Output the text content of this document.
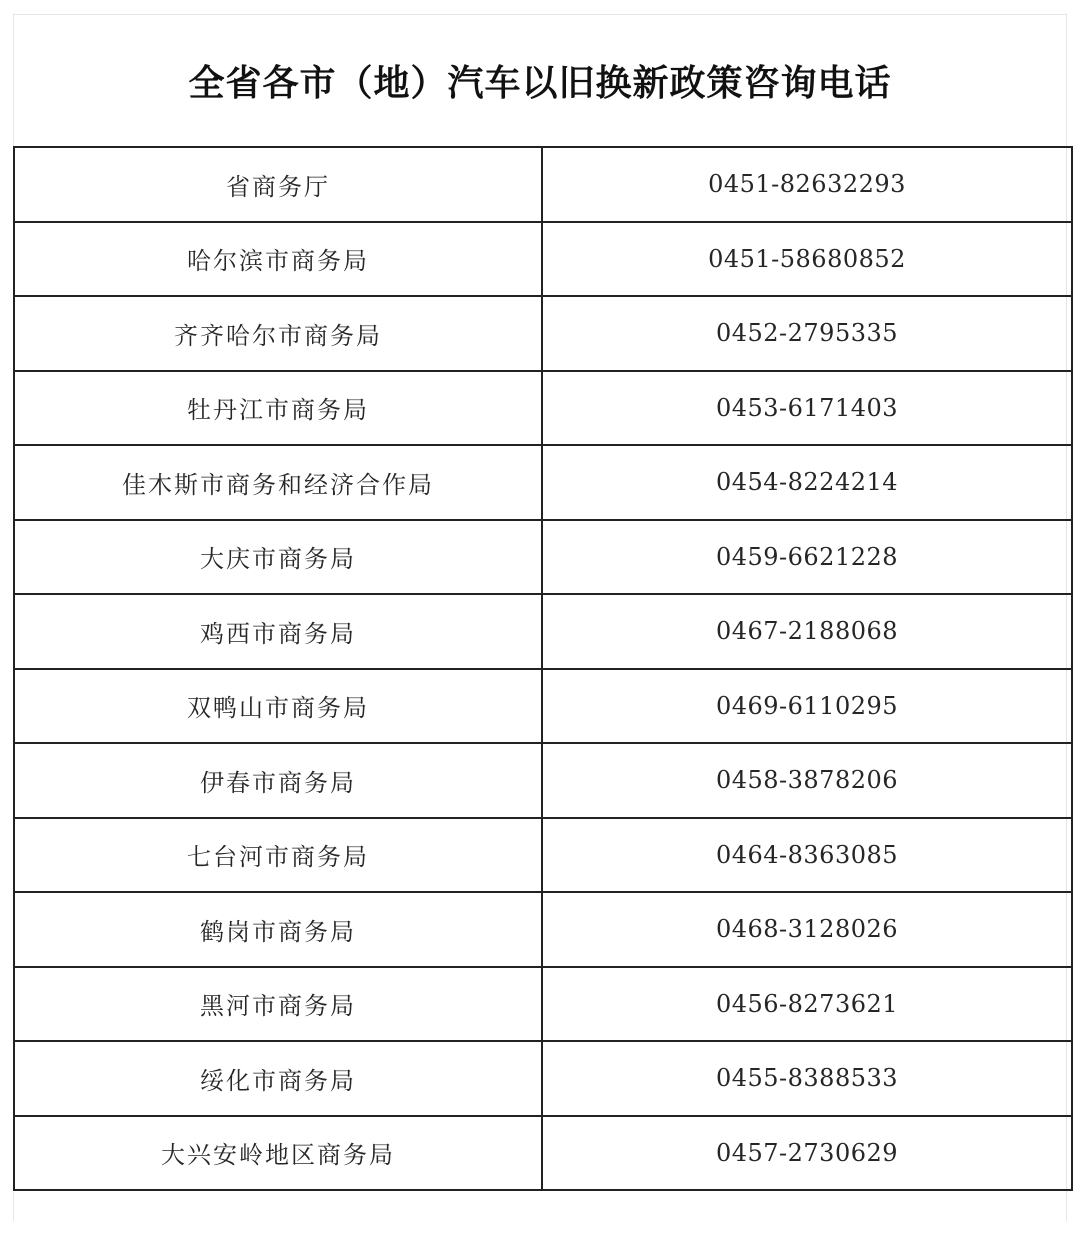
全省各市（地）汽车以旧换新政策咨询电话
省商务厅	0451-82632293
哈尔滨市商务局	0451-58680852
齐齐哈尔市商务局	0452-2795335
牡丹江市商务局	0453-6171403
佳木斯市商务和经济合作局	0454-8224214
大庆市商务局	0459-6621228
鸡西市商务局	0467-2188068
双鸭山市商务局	0469-6110295
伊春市商务局	0458-3878206
七台河市商务局	0464-8363085
鹤岗市商务局	0468-3128026
黑河市商务局	0456-8273621
绥化市商务局	0455-8388533
大兴安岭地区商务局	0457-2730629
